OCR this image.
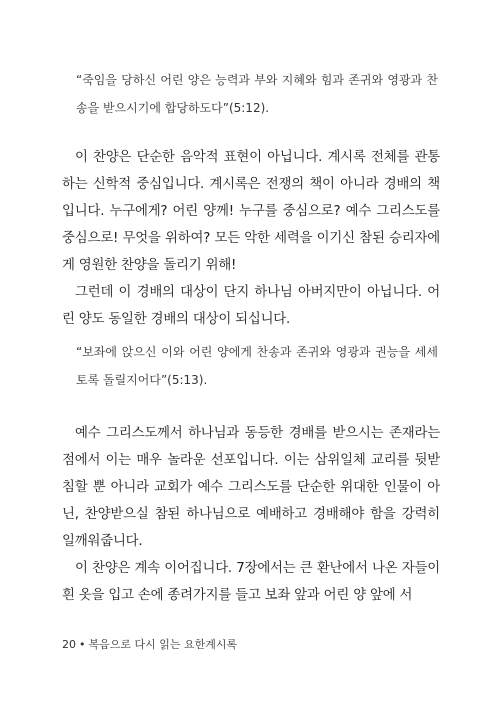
“죽임을 당하신 어린 양은 능력과 부와 지혜와 힘과 존귀와 영광과 찬송을 받으시기에 합당하도다”(5:12).

이 찬양은 단순한 음악적 표현이 아닙니다. 계시록 전체를 관통하는 신학적 중심입니다. 계시록은 전쟁의 책이 아니라 경배의 책입니다. 누구에게? 어린 양께! 누구를 중심으로? 예수 그리스도를 중심으로! 무엇을 위하여? 모든 악한 세력을 이기신 참된 승리자에게 영원한 찬양을 돌리기 위해!

그런데 이 경배의 대상이 단지 하나님 아버지만이 아닙니다. 어린 양도 동일한 경배의 대상이 되십니다.

“보좌에 앉으신 이와 어린 양에게 찬송과 존귀와 영광과 권능을 세세토록 돌릴지어다”(5:13).

예수 그리스도께서 하나님과 동등한 경배를 받으시는 존재라는 점에서 이는 매우 놀라운 선포입니다. 이는 삼위일체 교리를 뒷받침할 뿐 아니라 교회가 예수 그리스도를 단순한 위대한 인물이 아닌, 찬양받으실 참된 하나님으로 예배하고 경배해야 함을 강력히 일깨워줍니다.

이 찬양은 계속 이어집니다. 7장에서는 큰 환난에서 나온 자들이 흰 옷을 입고 손에 종려가지를 들고 보좌 앞과 어린 양 앞에 서

20 • 복음으로 다시 읽는 요한계시록
